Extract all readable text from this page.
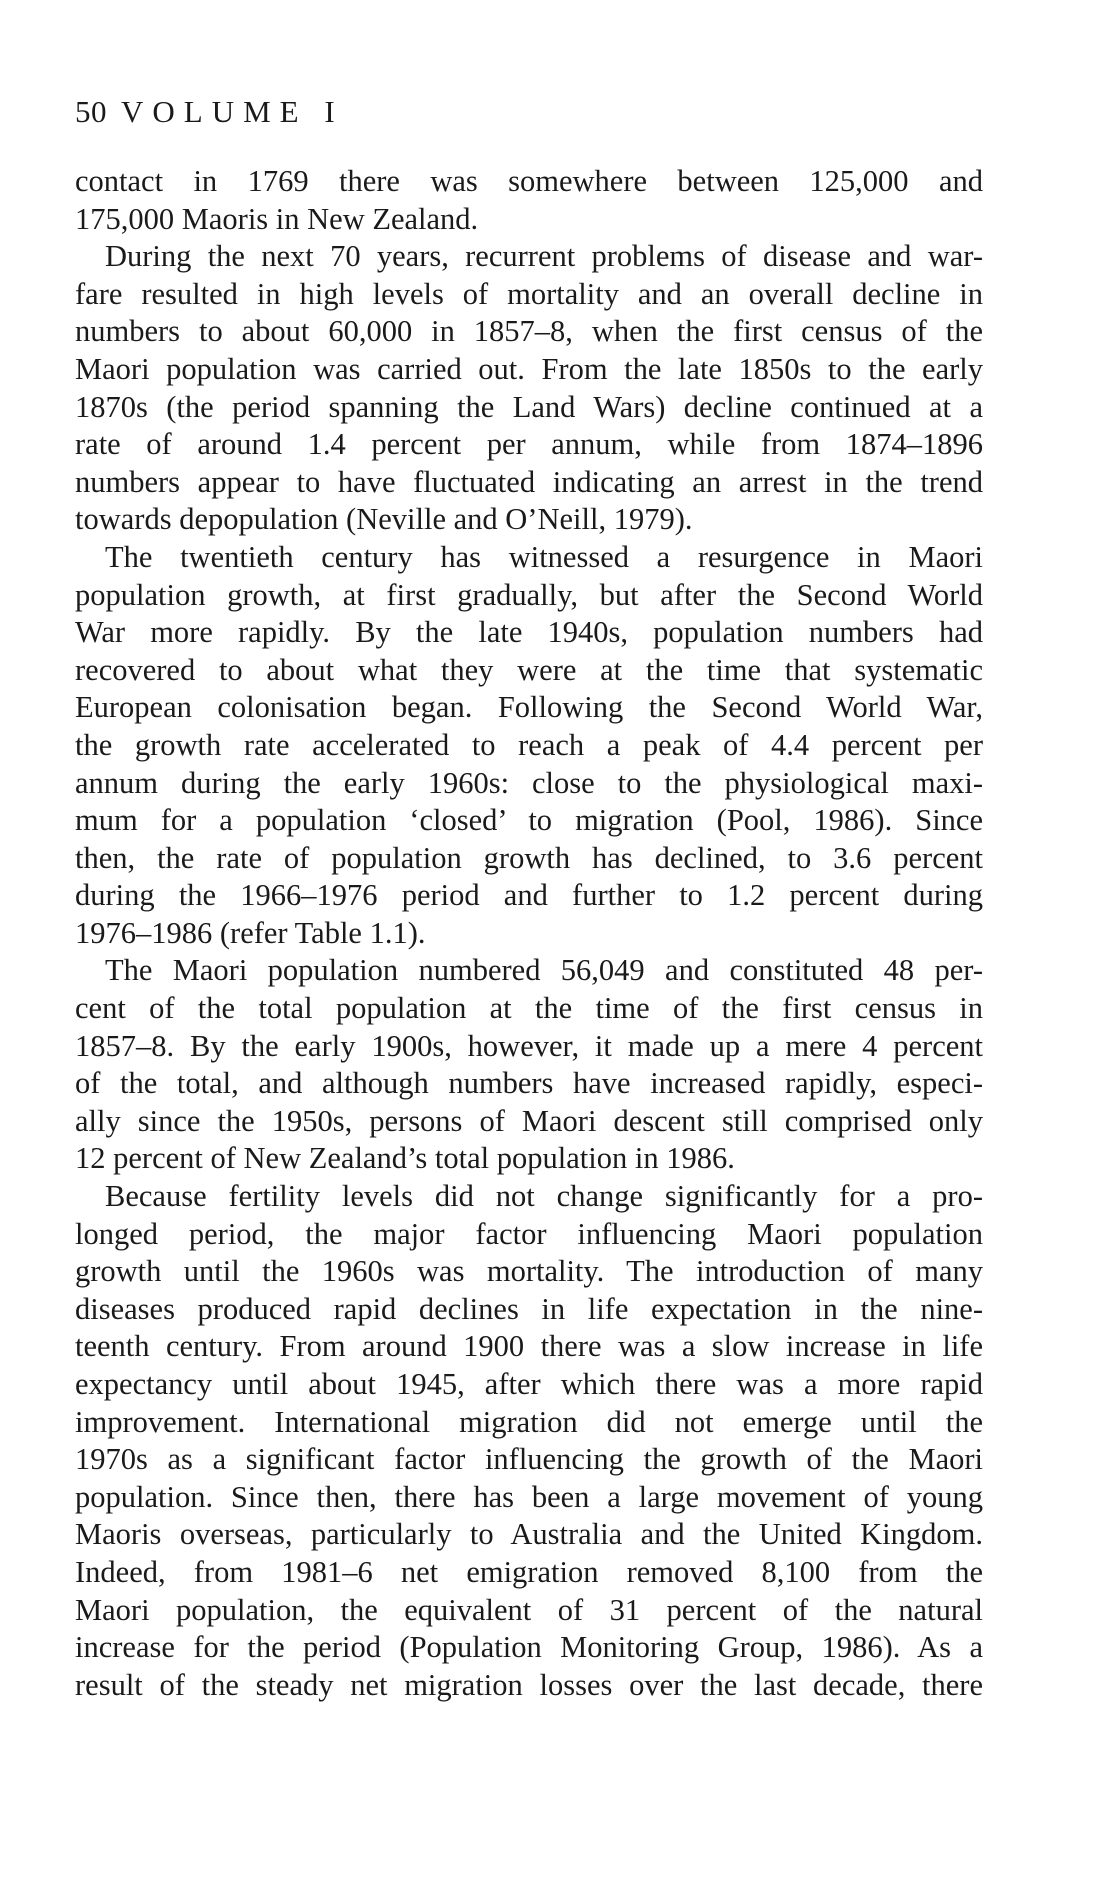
50 VOLUME I

contact in 1769 there was somewhere between 125,000 and
175,000 Maoris in New Zealand.

During the next 70 years, recurrent problems of disease and war-
fare resulted in high levels of mortality and an overall decline in
numbers to about 60,000 in 1857–8, when the first census of the
Maori population was carried out. From the late 1850s to the early
1870s (the period spanning the Land Wars) decline continued at a
rate of around 1.4 percent per annum, while from 1874–1896
numbers appear to have fluctuated indicating an arrest in the trend
towards depopulation (Neville and O’Neill, 1979).

The twentieth century has witnessed a resurgence in Maori
population growth, at first gradually, but after the Second World
War more rapidly. By the late 1940s, population numbers had
recovered to about what they were at the time that systematic
European colonisation began. Following the Second World War,
the growth rate accelerated to reach a peak of 4.4 percent per
annum during the early 1960s: close to the physiological maxi-
mum for a population ‘closed’ to migration (Pool, 1986). Since
then, the rate of population growth has declined, to 3.6 percent
during the 1966–1976 period and further to 1.2 percent during
1976–1986 (refer Table 1.1).

The Maori population numbered 56,049 and constituted 48 per-
cent of the total population at the time of the first census in
1857–8. By the early 1900s, however, it made up a mere 4 percent
of the total, and although numbers have increased rapidly, especi-
ally since the 1950s, persons of Maori descent still comprised only
12 percent of New Zealand’s total population in 1986.

Because fertility levels did not change significantly for a pro-
longed period, the major factor influencing Maori population
growth until the 1960s was mortality. The introduction of many
diseases produced rapid declines in life expectation in the nine-
teenth century. From around 1900 there was a slow increase in life
expectancy until about 1945, after which there was a more rapid
improvement. International migration did not emerge until the
1970s as a significant factor influencing the growth of the Maori
population. Since then, there has been a large movement of young
Maoris overseas, particularly to Australia and the United Kingdom.
Indeed, from 1981–6 net emigration removed 8,100 from the
Maori population, the equivalent of 31 percent of the natural
increase for the period (Population Monitoring Group, 1986). As a
result of the steady net migration losses over the last decade, there
